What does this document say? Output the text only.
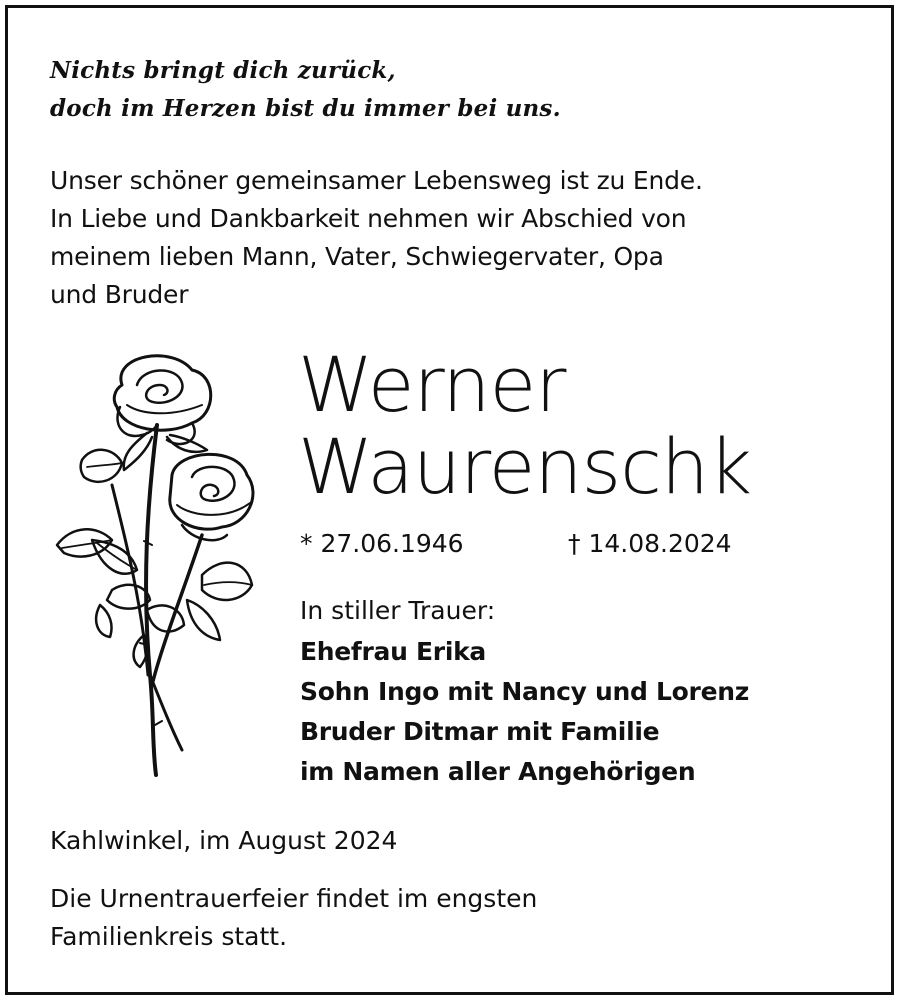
Nichts bringt dich zurück,
doch im Herzen bist du immer bei uns.

Unser schöner gemeinsamer Lebensweg ist zu Ende.
In Liebe und Dankbarkeit nehmen wir Abschied von
meinem lieben Mann, Vater, Schwiegervater, Opa
und Bruder

Werner
Waurenschk

* 27.06.1946	† 14.08.2024

In stiller Trauer:

Ehefrau Erika
Sohn Ingo mit Nancy und Lorenz
Bruder Ditmar mit Familie
im Namen aller Angehörigen

Kahlwinkel, im August 2024

Die Urnentrauerfeier findet im engsten
Familienkreis statt.
